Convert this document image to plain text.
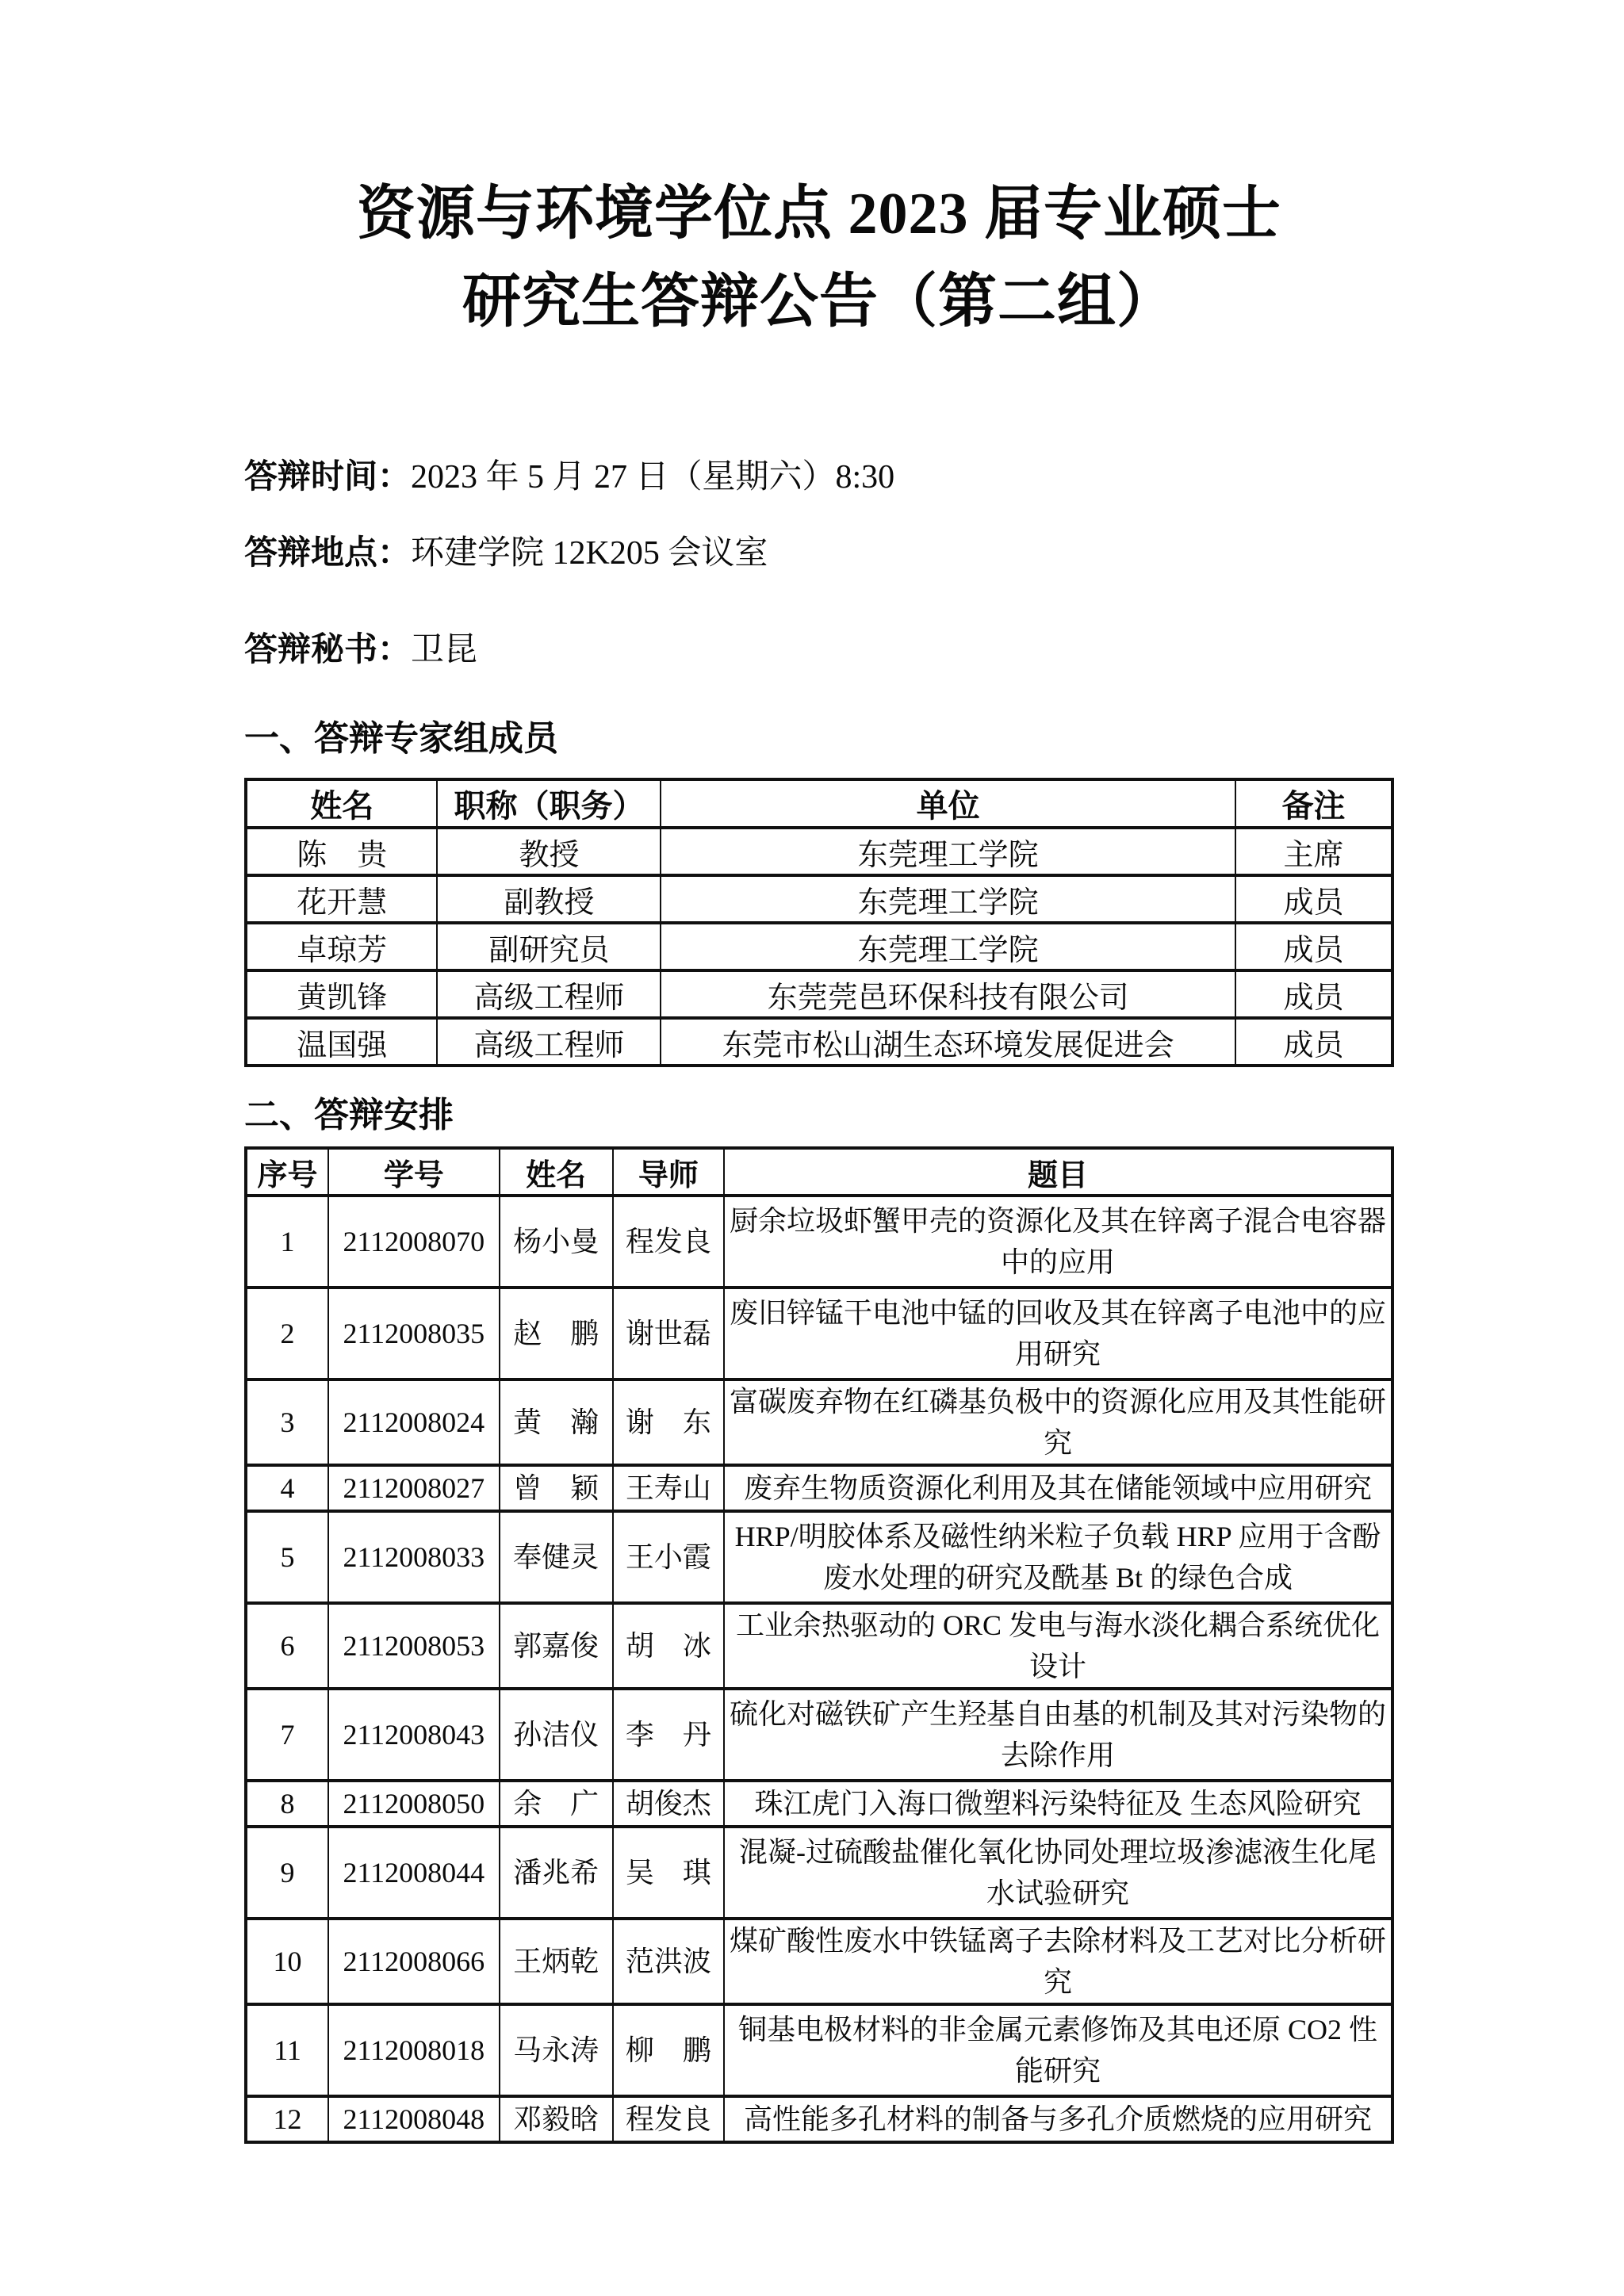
资源与环境学位点 2023 届专业硕士
研究生答辩公告（第二组）
答辩时间：2023 年 5 月 27 日（星期六）8:30
答辩地点：环建学院 12K205 会议室
答辩秘书：卫昆
一、答辩专家组成员
姓名	职称（职务）	单位	备注
陈　贵	教授	东莞理工学院	主席
花开慧	副教授	东莞理工学院	成员
卓琼芳	副研究员	东莞理工学院	成员
黄凯锋	高级工程师	东莞莞邑环保科技有限公司	成员
温国强	高级工程师	东莞市松山湖生态环境发展促进会	成员
二、答辩安排
序号	学号	姓名	导师	题目
1	2112008070	杨小曼	程发良	厨余垃圾虾蟹甲壳的资源化及其在锌离子混合电容器中的应用
2	2112008035	赵　鹏	谢世磊	废旧锌锰干电池中锰的回收及其在锌离子电池中的应用研究
3	2112008024	黄　瀚	谢　东	富碳废弃物在红磷基负极中的资源化应用及其性能研究
4	2112008027	曾　颖	王寿山	废弃生物质资源化利用及其在储能领域中应用研究
5	2112008033	奉健灵	王小霞	HRP/明胶体系及磁性纳米粒子负载 HRP 应用于含酚废水处理的研究及酰基 Bt 的绿色合成
6	2112008053	郭嘉俊	胡　冰	工业余热驱动的 ORC 发电与海水淡化耦合系统优化设计
7	2112008043	孙洁仪	李　丹	硫化对磁铁矿产生羟基自由基的机制及其对污染物的去除作用
8	2112008050	余　广	胡俊杰	珠江虎门入海口微塑料污染特征及 生态风险研究
9	2112008044	潘兆希	吴　琪	混凝-过硫酸盐催化氧化协同处理垃圾渗滤液生化尾水试验研究
10	2112008066	王炳乾	范洪波	煤矿酸性废水中铁锰离子去除材料及工艺对比分析研究
11	2112008018	马永涛	柳　鹏	铜基电极材料的非金属元素修饰及其电还原 CO2 性能研究
12	2112008048	邓毅晗	程发良	高性能多孔材料的制备与多孔介质燃烧的应用研究
